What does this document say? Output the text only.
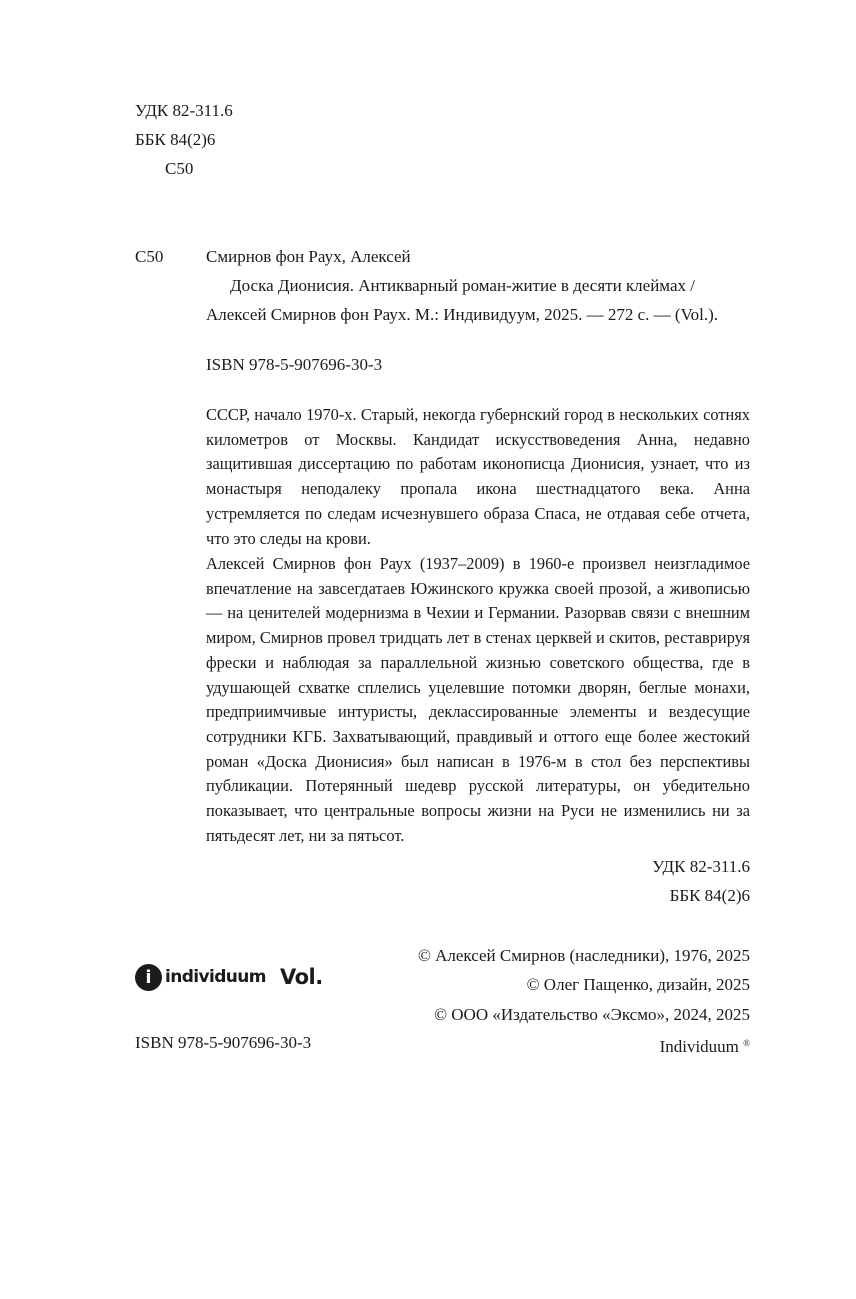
УДК 82-311.6
ББК 84(2)6
С50
С50	Смирнов фон Раух, Алексей
Доска Дионисия. Антикварный роман-житие в десяти клеймах /
Алексей Смирнов фон Раух. М.: Индивидуум, 2025. — 272 с. — (Vol.).
ISBN 978-5-907696-30-3
СССР, начало 1970-х. Старый, некогда губернский город в нескольких сотнях километров от Москвы. Кандидат искусствоведения Анна, недавно защитившая диссертацию по работам иконописца Дионисия, узнает, что из монастыря неподалеку пропала икона шестнадцатого века. Анна устремляется по следам исчезнувшего образа Спаса, не отдавая себе отчета, что это следы на крови.
Алексей Смирнов фон Раух (1937–2009) в 1960-е произвел неизгладимое впечатление на завсегдатаев Южинского кружка своей прозой, а живописью — на ценителей модернизма в Чехии и Германии. Разорвав связи с внешним миром, Смирнов провел тридцать лет в стенах церквей и скитов, реставрируя фрески и наблюдая за параллельной жизнью советского общества, где в удушающей схватке сплелись уцелевшие потомки дворян, беглые монахи, предприимчивые интуристы, деклассированные элементы и вездесущие сотрудники КГБ. Захватывающий, правдивый и оттого еще более жестокий роман «Доска Дионисия» был написан в 1976-м в стол без перспективы публикации. Потерянный шедевр русской литературы, он убедительно показывает, что центральные вопросы жизни на Руси не изменились ни за пятьдесят лет, ни за пятьсот.
УДК 82-311.6
ББК 84(2)6
i individuum Vol.
© Алексей Смирнов (наследники), 1976, 2025
© Олег Пащенко, дизайн, 2025
© ООО «Издательство «Эксмо», 2024, 2025
ISBN 978-5-907696-30-3	Individuum ®
